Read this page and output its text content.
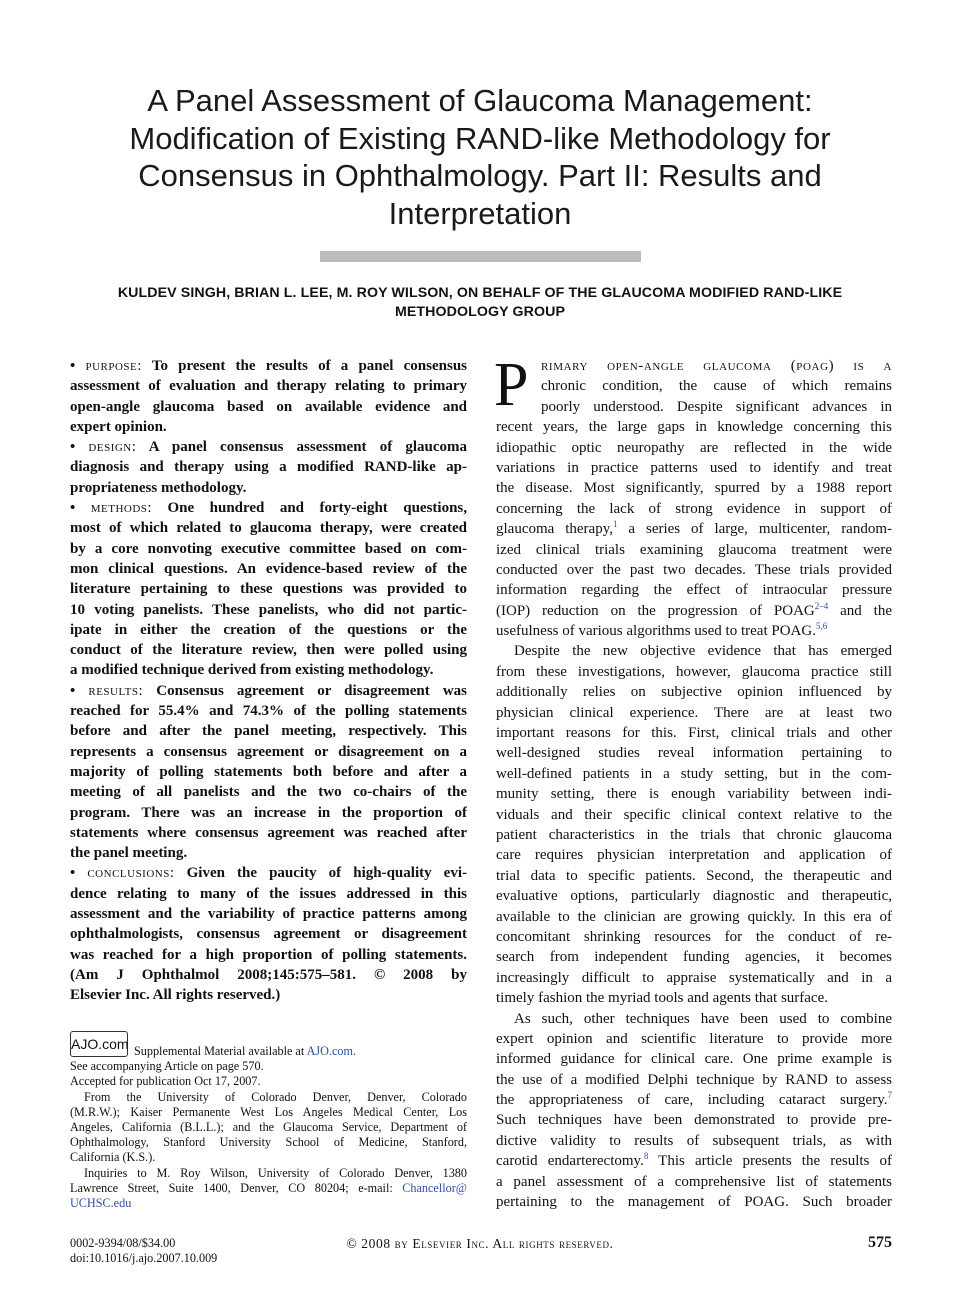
A Panel Assessment of Glaucoma Management:
Modification of Existing RAND-like Methodology for
Consensus in Ophthalmology. Part II: Results and
Interpretation
KULDEV SINGH, BRIAN L. LEE, M. ROY WILSON, ON BEHALF OF THE GLAUCOMA MODIFIED RAND-LIKE
METHODOLOGY GROUP
• purpose: To present the results of a panel consensus
assessment of evaluation and therapy relating to primary
open-angle glaucoma based on available evidence and
expert opinion.
• design: A panel consensus assessment of glaucoma
diagnosis and therapy using a modified RAND-like ap-
propriateness methodology.
• methods: One hundred and forty-eight questions,
most of which related to glaucoma therapy, were created
by a core nonvoting executive committee based on com-
mon clinical questions. An evidence-based review of the
literature pertaining to these questions was provided to
10 voting panelists. These panelists, who did not partic-
ipate in either the creation of the questions or the
conduct of the literature review, then were polled using
a modified technique derived from existing methodology.
• results: Consensus agreement or disagreement was
reached for 55.4% and 74.3% of the polling statements
before and after the panel meeting, respectively. This
represents a consensus agreement or disagreement on a
majority of polling statements both before and after a
meeting of all panelists and the two co-chairs of the
program. There was an increase in the proportion of
statements where consensus agreement was reached after
the panel meeting.
• conclusions: Given the paucity of high-quality evi-
dence relating to many of the issues addressed in this
assessment and the variability of practice patterns among
ophthalmologists, consensus agreement or disagreement
was reached for a high proportion of polling statements.
(Am J Ophthalmol 2008;145:575–581. © 2008 by
Elsevier Inc. All rights reserved.)
AJO.com Supplemental Material available at AJO.com.
See accompanying Article on page 570.
Accepted for publication Oct 17, 2007.
From the University of Colorado Denver, Denver, Colorado
(M.R.W.); Kaiser Permanente West Los Angeles Medical Center, Los
Angeles, California (B.L.L.); and the Glaucoma Service, Department of
Ophthalmology, Stanford University School of Medicine, Stanford,
California (K.S.).
Inquiries to M. Roy Wilson, University of Colorado Denver, 1380
Lawrence Street, Suite 1400, Denver, CO 80204; e-mail: Chancellor@
UCHSC.edu
P rimary open-angle glaucoma (poag) is a
chronic condition, the cause of which remains
poorly understood. Despite significant advances in
recent years, the large gaps in knowledge concerning this
idiopathic optic neuropathy are reflected in the wide
variations in practice patterns used to identify and treat
the disease. Most significantly, spurred by a 1988 report
concerning the lack of strong evidence in support of
glaucoma therapy,$^1$ a series of large, multicenter, random-
ized clinical trials examining glaucoma treatment were
conducted over the past two decades. These trials provided
information regarding the effect of intraocular pressure
(IOP) reduction on the progression of POAG$^{2-4}$ and the
usefulness of various algorithms used to treat POAG.$^{5,6}$
Despite the new objective evidence that has emerged
from these investigations, however, glaucoma practice still
additionally relies on subjective opinion influenced by
physician clinical experience. There are at least two
important reasons for this. First, clinical trials and other
well-designed studies reveal information pertaining to
well-defined patients in a study setting, but in the com-
munity setting, there is enough variability between indi-
viduals and their specific clinical context relative to the
patient characteristics in the trials that chronic glaucoma
care requires physician interpretation and application of
trial data to specific patients. Second, the therapeutic and
evaluative options, particularly diagnostic and therapeutic,
available to the clinician are growing quickly. In this era of
concomitant shrinking resources for the conduct of re-
search from independent funding agencies, it becomes
increasingly difficult to appraise systematically and in a
timely fashion the myriad tools and agents that surface.
As such, other techniques have been used to combine
expert opinion and scientific literature to provide more
informed guidance for clinical care. One prime example is
the use of a modified Delphi technique by RAND to assess
the appropriateness of care, including cataract surgery.$^7$
Such techniques have been demonstrated to provide pre-
dictive validity to results of subsequent trials, as with
carotid endarterectomy.$^8$ This article presents the results of
a panel assessment of a comprehensive list of statements
pertaining to the management of POAG. Such broader
0002-9394/08/$34.00
doi:10.1016/j.ajo.2007.10.009
© 2008 by Elsevier Inc. All rights reserved.	575
